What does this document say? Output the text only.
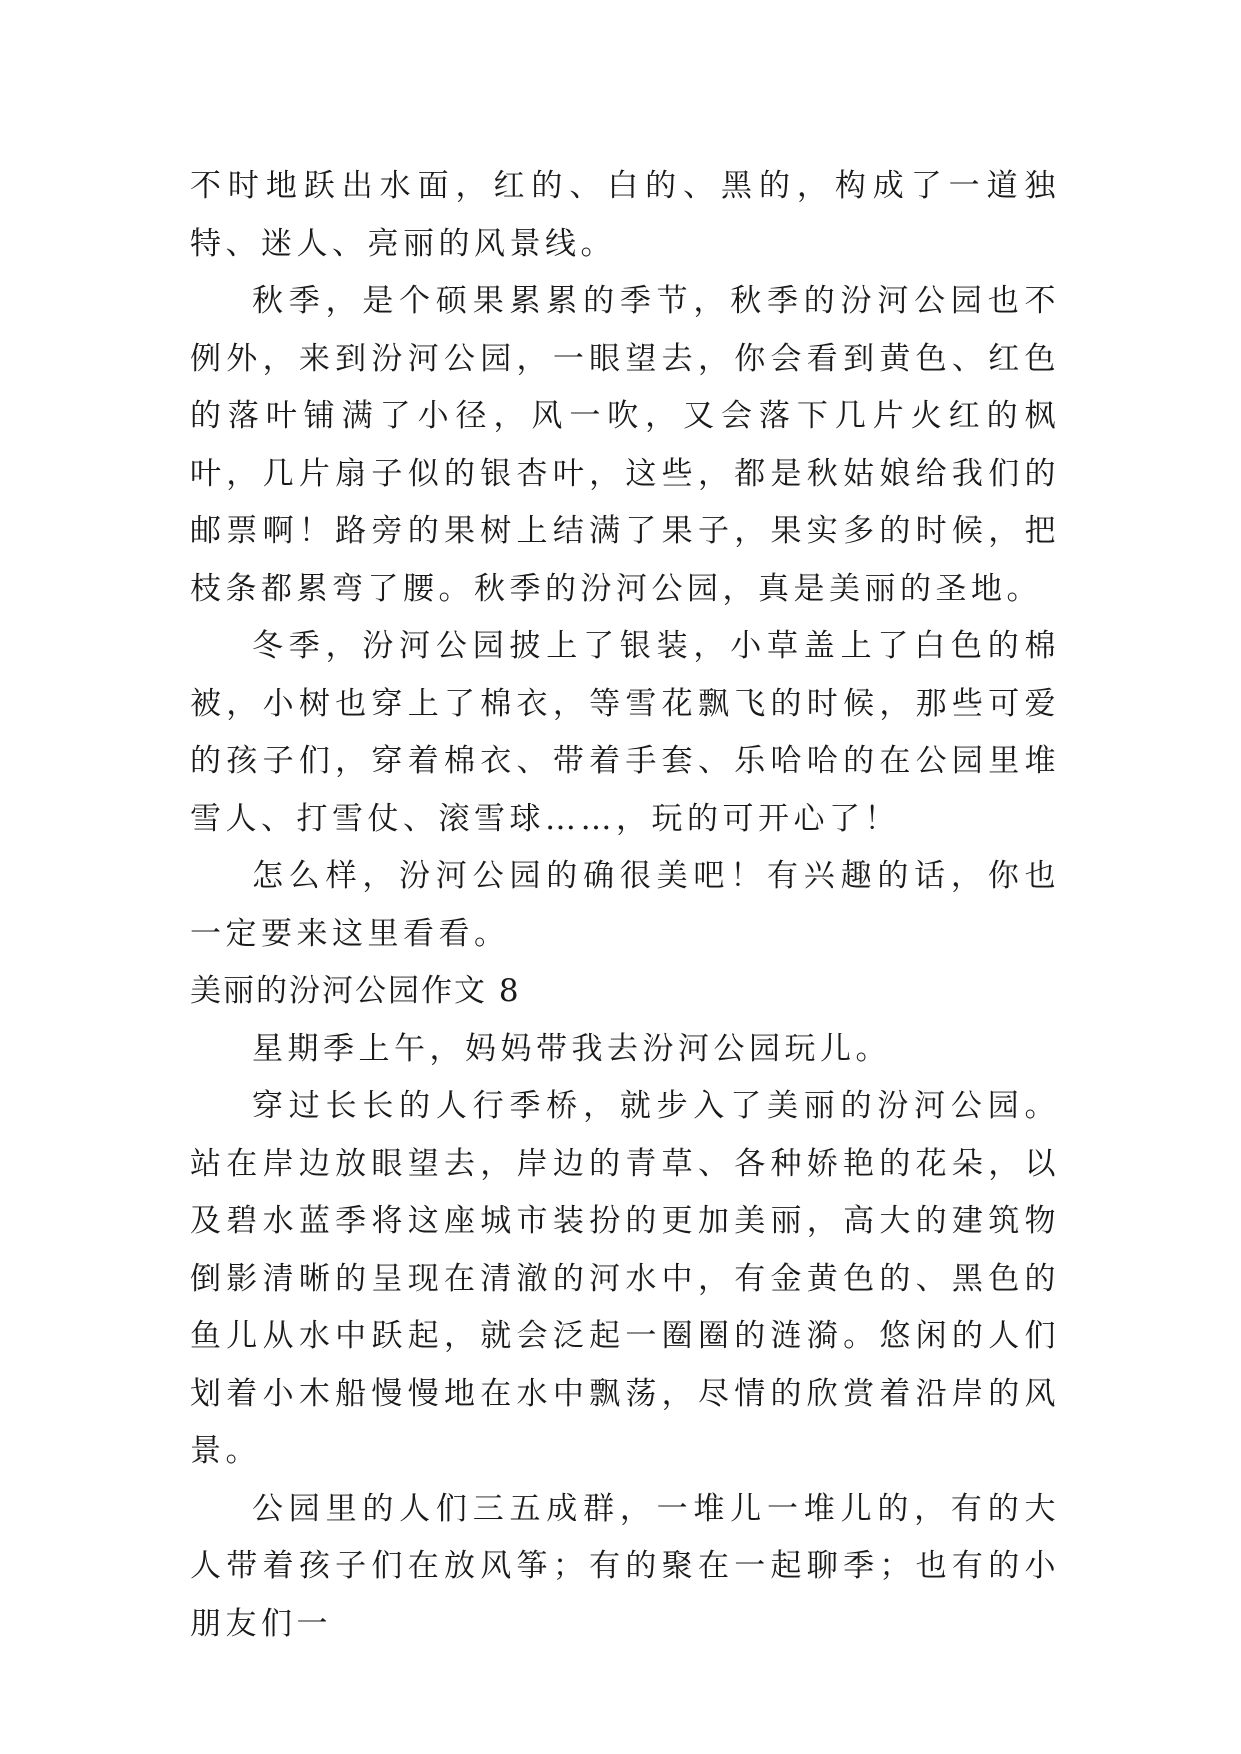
不时地跃出水面，红的、白的、黑的，构成了一道独特、迷人、亮丽的风景线。

秋季，是个硕果累累的季节，秋季的汾河公园也不例外，来到汾河公园，一眼望去，你会看到黄色、红色的落叶铺满了小径，风一吹，又会落下几片火红的枫叶，几片扇子似的银杏叶，这些，都是秋姑娘给我们的邮票啊！路旁的果树上结满了果子，果实多的时候，把枝条都累弯了腰。秋季的汾河公园，真是美丽的圣地。

冬季，汾河公园披上了银装，小草盖上了白色的棉被，小树也穿上了棉衣，等雪花飘飞的时候，那些可爱的孩子们，穿着棉衣、带着手套、乐哈哈的在公园里堆雪人、打雪仗、滚雪球……，玩的可开心了！

怎么样，汾河公园的确很美吧！有兴趣的话，你也一定要来这里看看。

美丽的汾河公园作文 8

星期季上午，妈妈带我去汾河公园玩儿。

穿过长长的人行季桥，就步入了美丽的汾河公园。站在岸边放眼望去，岸边的青草、各种娇艳的花朵，以及碧水蓝季将这座城市装扮的更加美丽，高大的建筑物倒影清晰的呈现在清澈的河水中，有金黄色的、黑色的鱼儿从水中跃起，就会泛起一圈圈的涟漪。悠闲的人们划着小木船慢慢地在水中飘荡，尽情的欣赏着沿岸的风景。

公园里的人们三五成群，一堆儿一堆儿的，有的大人带着孩子们在放风筝；有的聚在一起聊季；也有的小朋友们一
